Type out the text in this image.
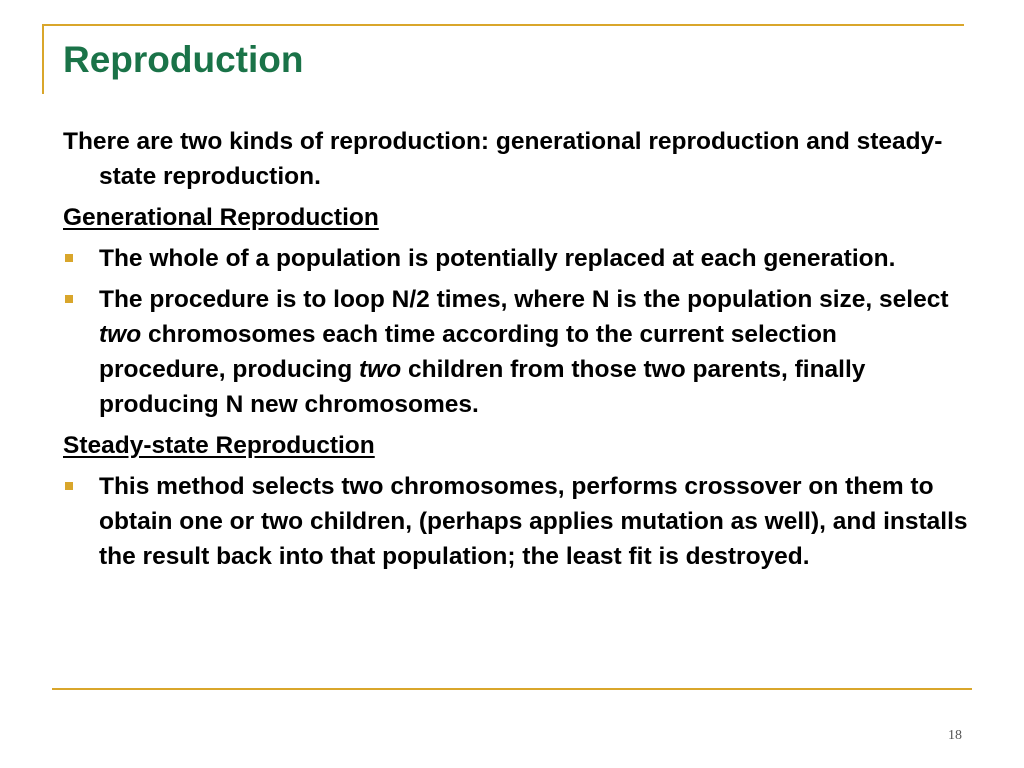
Reproduction

There are two kinds of reproduction: generational reproduction and steady-state reproduction.

Generational Reproduction

The whole of a population is potentially replaced at each generation.
The procedure is to loop N/2 times, where N is the population size, select two chromosomes each time according to the current selection procedure, producing two children from those two parents, finally producing N new chromosomes.

Steady-state Reproduction

This method selects two chromosomes, performs crossover on them to obtain one or two children, (perhaps applies mutation as well), and installs the result back into that population; the least fit is destroyed.
18
